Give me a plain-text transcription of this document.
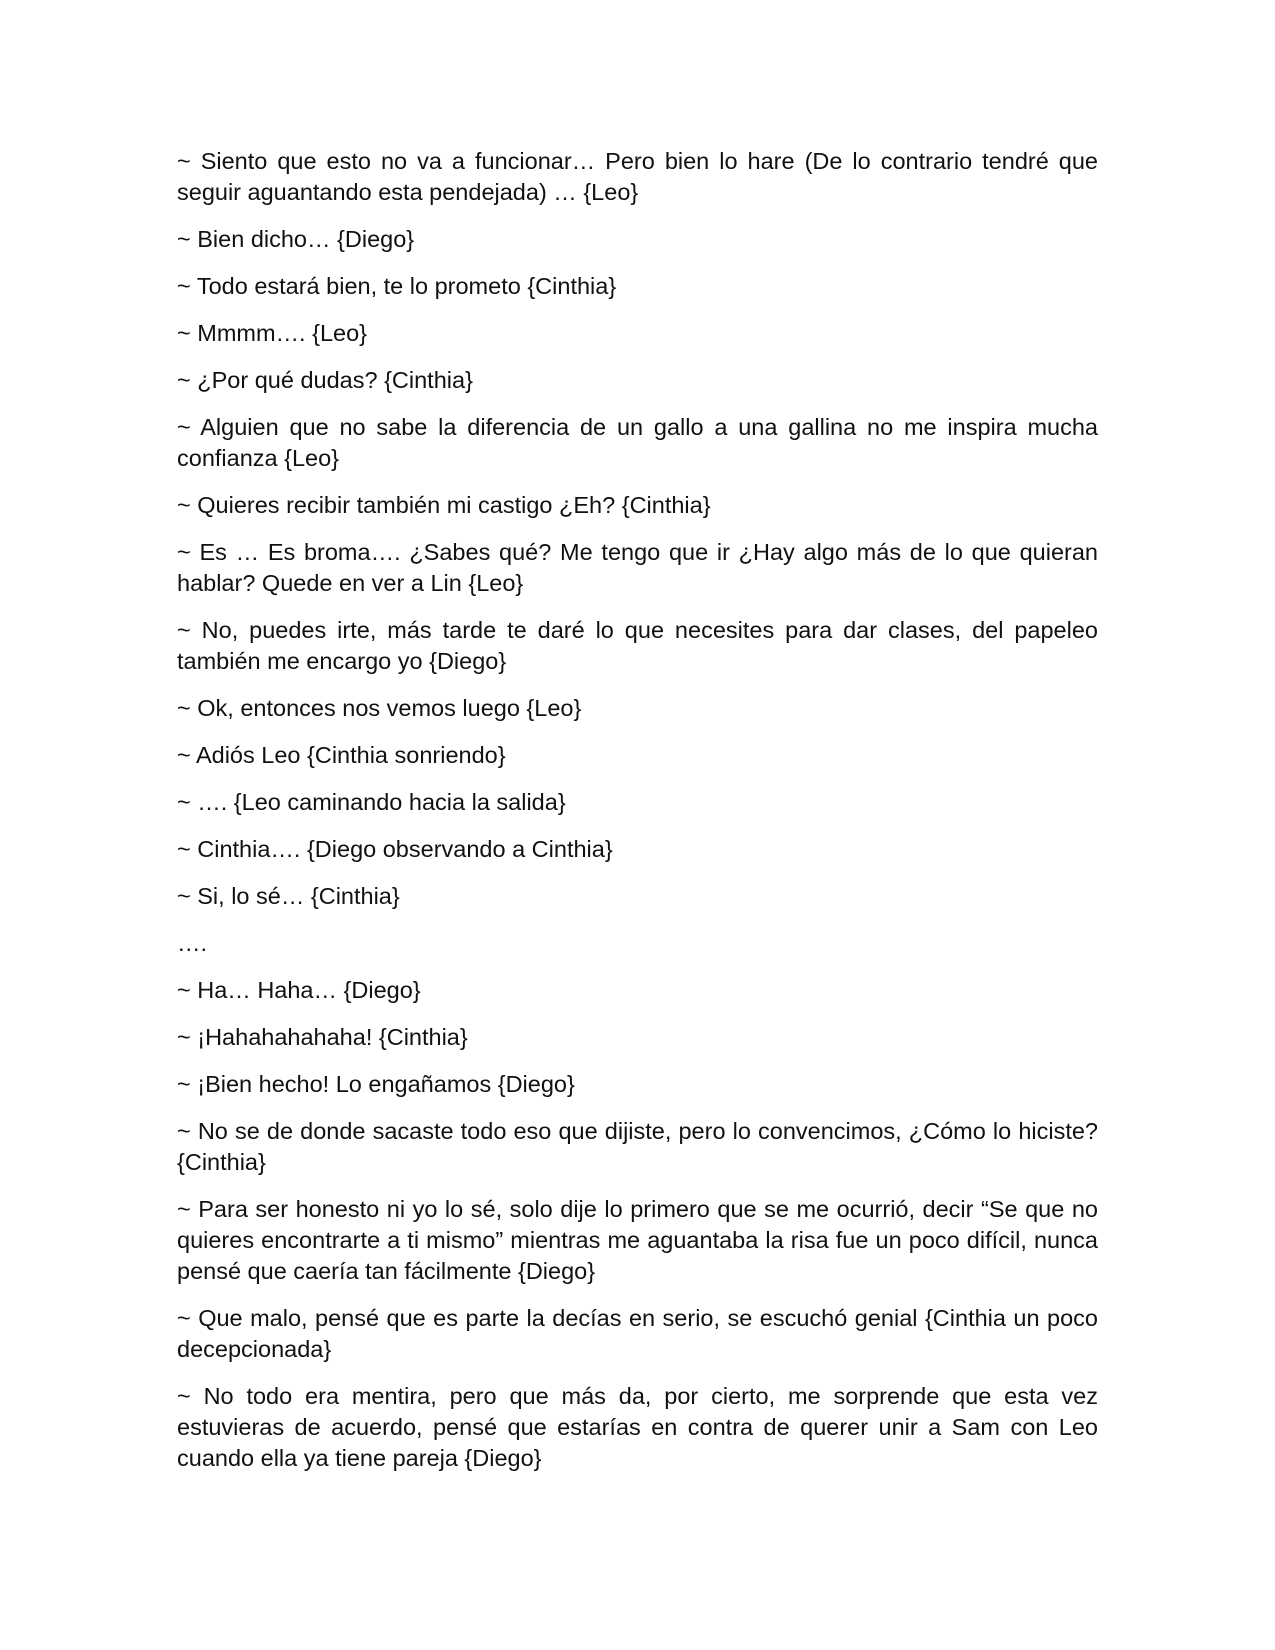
~ Siento que esto no va a funcionar… Pero bien lo hare (De lo contrario tendré que seguir aguantando esta pendejada) … {Leo}

~ Bien dicho… {Diego}

~ Todo estará bien, te lo prometo {Cinthia}

~ Mmmm…. {Leo}

~ ¿Por qué dudas? {Cinthia}

~ Alguien que no sabe la diferencia de un gallo a una gallina no me inspira mucha confianza {Leo}

~ Quieres recibir también mi castigo ¿Eh? {Cinthia}

~ Es … Es broma…. ¿Sabes qué? Me tengo que ir ¿Hay algo más de lo que quieran hablar? Quede en ver a Lin {Leo}

~ No, puedes irte, más tarde te daré lo que necesites para dar clases, del papeleo también me encargo yo {Diego}

~ Ok, entonces nos vemos luego {Leo}

~ Adiós Leo {Cinthia sonriendo}

~ …. {Leo caminando hacia la salida}

~ Cinthia…. {Diego observando a Cinthia}

~ Si, lo sé… {Cinthia}

….

~ Ha… Haha… {Diego}

~ ¡Hahahahahaha! {Cinthia}

~ ¡Bien hecho! Lo engañamos {Diego}

~ No se de donde sacaste todo eso que dijiste, pero lo convencimos, ¿Cómo lo hiciste? {Cinthia}

~ Para ser honesto ni yo lo sé, solo dije lo primero que se me ocurrió, decir “Se que no quieres encontrarte a ti mismo” mientras me aguantaba la risa fue un poco difícil, nunca pensé que caería tan fácilmente {Diego}

~ Que malo, pensé que es parte la decías en serio, se escuchó genial {Cinthia un poco decepcionada}

~ No todo era mentira, pero que más da, por cierto, me sorprende que esta vez estuvieras de acuerdo, pensé que estarías en contra de querer unir a Sam con Leo cuando ella ya tiene pareja {Diego}
